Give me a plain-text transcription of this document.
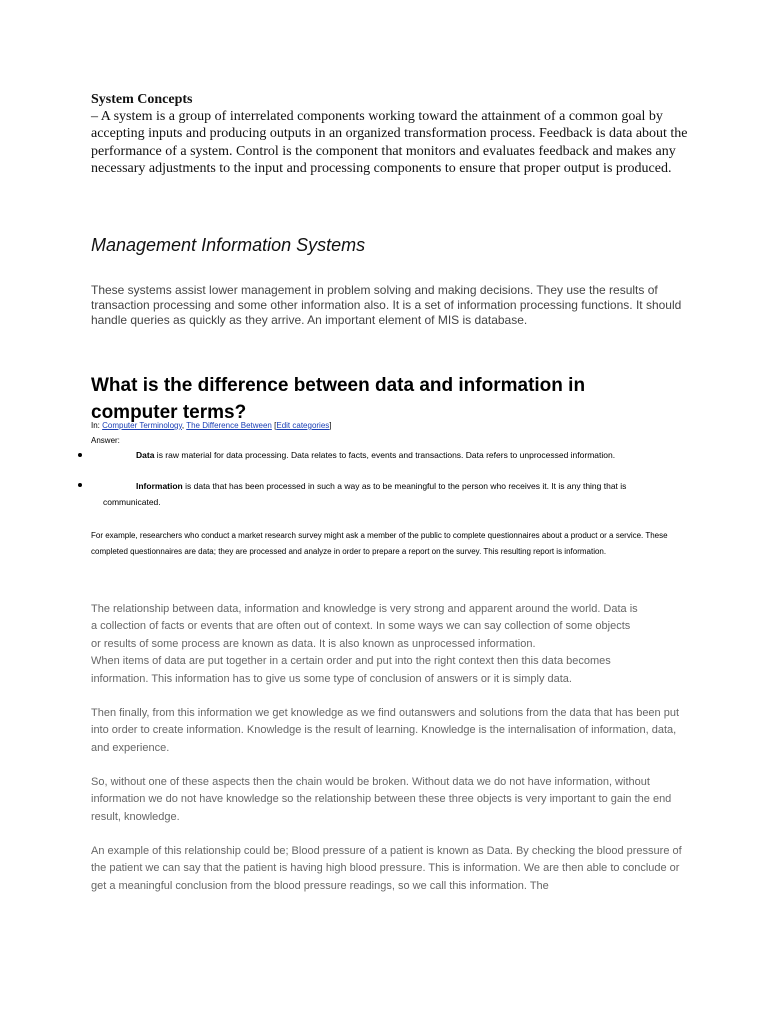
System Concepts

– A system is a group of interrelated components working toward the attainment of a common goal by accepting inputs and producing outputs in an organized transformation process. Feedback is data about the performance of a system. Control is the component that monitors and evaluates feedback and makes any necessary adjustments to the input and processing components to ensure that proper output is produced.

Management Information Systems

These systems assist lower management in problem solving and making decisions. They use the results of transaction processing and some other information also. It is a set of information processing functions. It should handle queries as quickly as they arrive. An important element of MIS is database.

What is the difference between data and information in computer terms?

In: Computer Terminology, The Difference Between [Edit categories]

Answer:

Data is raw material for data processing. Data relates to facts, events and transactions. Data refers to unprocessed information.

Information is data that has been processed in such a way as to be meaningful to the person who receives it. It is any thing that is communicated.

For example, researchers who conduct a market research survey might ask a member of the public to complete questionnaires about a product or a service. These completed questionnaires are data; they are processed and analyze in order to prepare a report on the survey. This resulting report is information.

The relationship between data, information and knowledge is very strong and apparent around the world. Data is
a collection of facts or events that are often out of context. In some ways we can say collection of some objects
or results of some process are known as data. It is also known as unprocessed information.
When items of data are put together in a certain order and put into the right context then this data becomes
information. This information has to give us some type of conclusion of answers or it is simply data.

Then finally, from this information we get knowledge as we find outanswers and solutions from the data that has been put into order to create information. Knowledge is the result of learning. Knowledge is the internalisation of information, data, and experience.

So, without one of these aspects then the chain would be broken. Without data we do not have information, without information we do not have knowledge so the relationship between these three objects is very important to gain the end result, knowledge.

An example of this relationship could be; Blood pressure of a patient is known as Data. By checking the blood pressure of the patient we can say that the patient is having high blood pressure. This is information. We are then able to conclude or get a meaningful conclusion from the blood pressure readings, so we call this information. The
